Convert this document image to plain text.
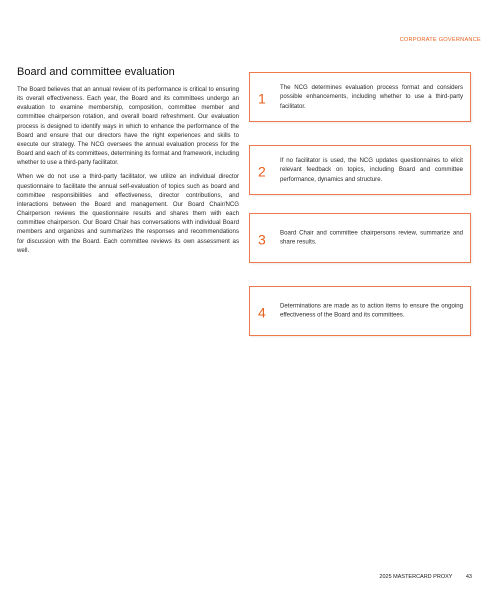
CORPORATE GOVERNANCE
Board and committee evaluation

The Board believes that an annual review of its performance is critical to ensuring its overall effectiveness. Each year, the Board and its committees undergo an evaluation to examine membership, composition, committee member and committee chairperson rotation, and overall board refreshment. Our evaluation process is designed to identify ways in which to enhance the performance of the Board and ensure that our directors have the right experiences and skills to execute our strategy. The NCG oversees the annual evaluation process for the Board and each of its committees, determining its format and framework, including whether to use a third-party facilitator.

When we do not use a third-party facilitator, we utilize an individual director questionnaire to facilitate the annual self-evaluation of topics such as board and committee responsibilities and effectiveness, director contributions, and interactions between the Board and management. Our Board Chair/NCG Chairperson reviews the questionnaire results and shares them with each committee chairperson. Our Board Chair has conversations with individual Board members and organizes and summarizes the responses and recommendations for discussion with the Board. Each committee reviews its own assessment as well.

1

The NCG determines evaluation process format and considers possible enhancements, including whether to use a third-party facilitator.

2

If no facilitator is used, the NCG updates questionnaires to elicit relevant feedback on topics, including Board and committee performance, dynamics and structure.

3 Board Chair and committee chairpersons review, summarize and share results.

4 Determinations are made as to action items to ensure the ongoing effectiveness of the Board and its committees.

2025 MASTERCARD PROXY 43
